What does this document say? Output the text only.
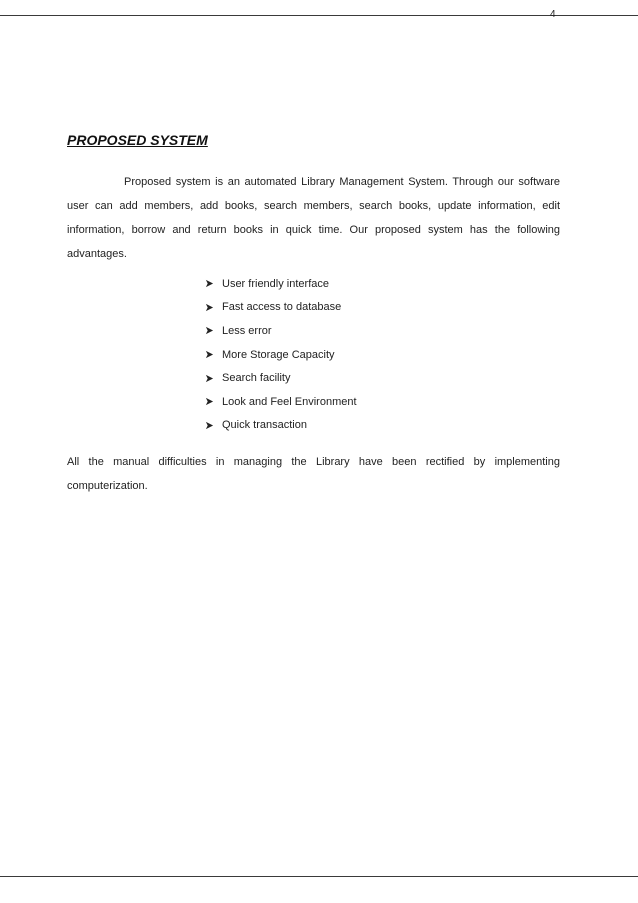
4
PROPOSED SYSTEM

Proposed system is an automated Library Management System. Through our software user can add members, add books, search members, search books, update information, edit information, borrow and return books in quick time. Our proposed system has the following advantages.

User friendly interface
Fast access to database
Less error
More Storage Capacity
Search facility
Look and Feel Environment
Quick transaction

All the manual difficulties in managing the Library have been rectified by implementing computerization.
